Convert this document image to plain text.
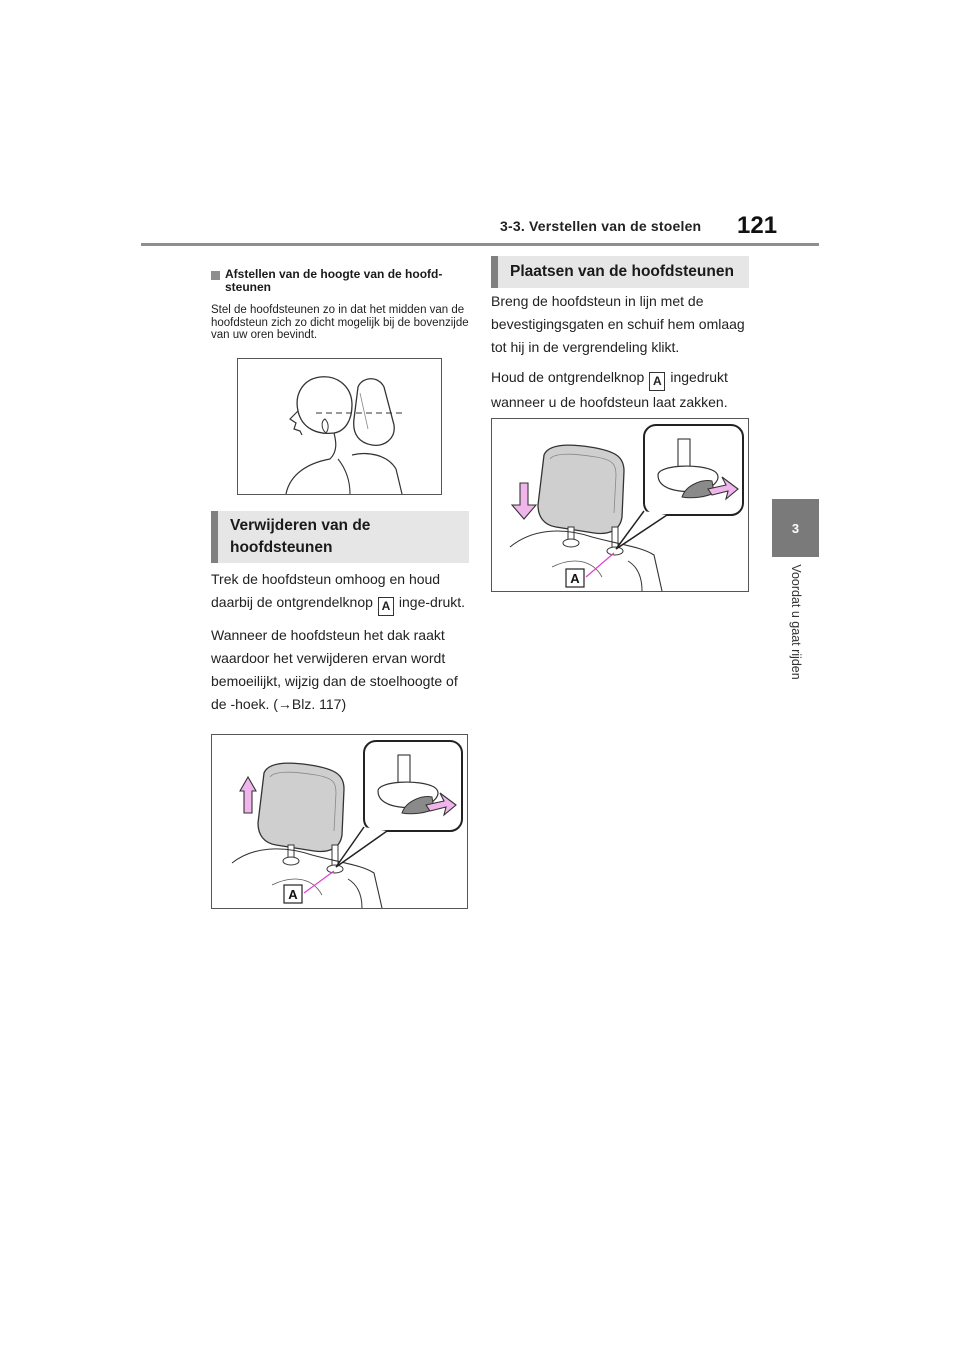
3-3. Verstellen van de stoelen 121
3
Voordat u gaat rijden
Afstellen van de hoogte van de hoofd-steunen
Stel de hoofdsteunen zo in dat het midden van de hoofdsteun zich zo dicht mogelijk bij de bovenzijde van uw oren bevindt.
Verwijderen van de hoofdsteunen

Trek de hoofdsteun omhoog en houd daarbij de ontgrendelknop A inge-drukt.

Wanneer de hoofdsteun het dak raakt waardoor het verwijderen ervan wordt bemoeilijkt, wijzig dan de stoelhoogte of de -hoek. (→Blz. 117)

A
Plaatsen van de hoofdsteunen

Breng de hoofdsteun in lijn met de bevestigingsgaten en schuif hem omlaag tot hij in de vergrendeling klikt.

Houd de ontgrendelknop A ingedrukt wanneer u de hoofdsteun laat zakken.

A
